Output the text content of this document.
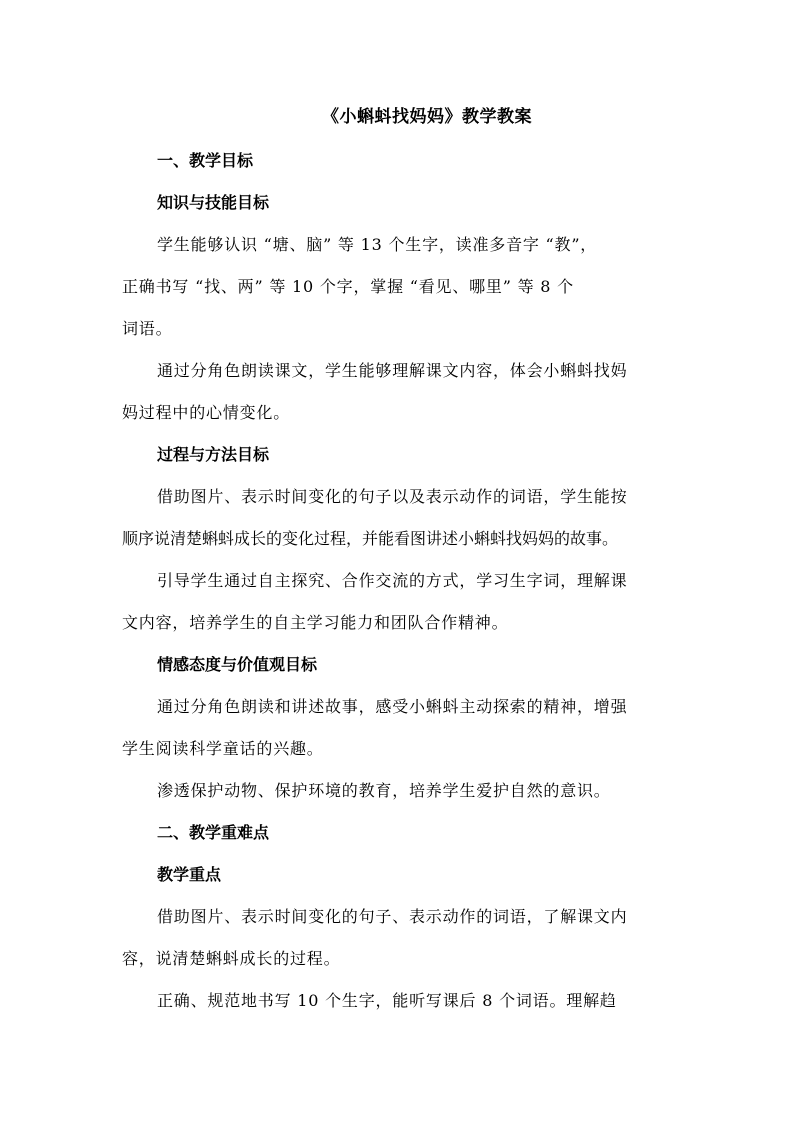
《小蝌蚪找妈妈》教学教案
一、教学目标
知识与技能目标
学生能够认识 “塘、脑” 等 13 个生字，读准多音字 “教”，
正确书写 “找、两” 等 10 个字，掌握 “看见、哪里” 等 8 个
词语。
通过分角色朗读课文，学生能够理解课文内容，体会小蝌蚪找妈
妈过程中的心情变化。
过程与方法目标
借助图片、表示时间变化的句子以及表示动作的词语，学生能按
顺序说清楚蝌蚪成长的变化过程，并能看图讲述小蝌蚪找妈妈的故事。
引导学生通过自主探究、合作交流的方式，学习生字词，理解课
文内容，培养学生的自主学习能力和团队合作精神。
情感态度与价值观目标
通过分角色朗读和讲述故事，感受小蝌蚪主动探索的精神，增强
学生阅读科学童话的兴趣。
渗透保护动物、保护环境的教育，培养学生爱护自然的意识。
二、教学重难点
教学重点
借助图片、表示时间变化的句子、表示动作的词语，了解课文内
容，说清楚蝌蚪成长的过程。
正确、规范地书写 10 个生字，能听写课后 8 个词语。理解趋
